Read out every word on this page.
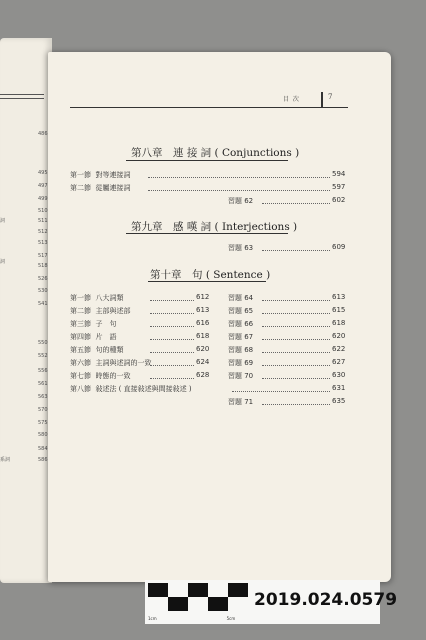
486
495
497
499
510
511
512
513
517
518
526
530
541
550
552
556
561
563
570
575
580
584
586
詞
詞
系詞
目 次	7
第八章　連 接 詞 ( Conjunctions )
第一節 對等連接詞	594
第二節 從屬連接詞	597
習題 62	602
第九章　感 嘆 詞 ( Interjections )
習題 63	609
第十章　句 ( Sentence )
第一節 八大詞類	612
第二節 主部與述部	613
第三節 子　句	616
第四節 片　語	618
第五節 句的種類	620
第六節 主詞與述詞的一致	624
第七節 時態的一致	628
習題 64	613
習題 65	615
習題 66	618
習題 67	620
習題 68	622
習題 69	627
習題 70	630
第八節 敍述法 ( 直接敍述與間接敍述 )	631
習題 71	635
1cm	5cm
2019.024.0579
